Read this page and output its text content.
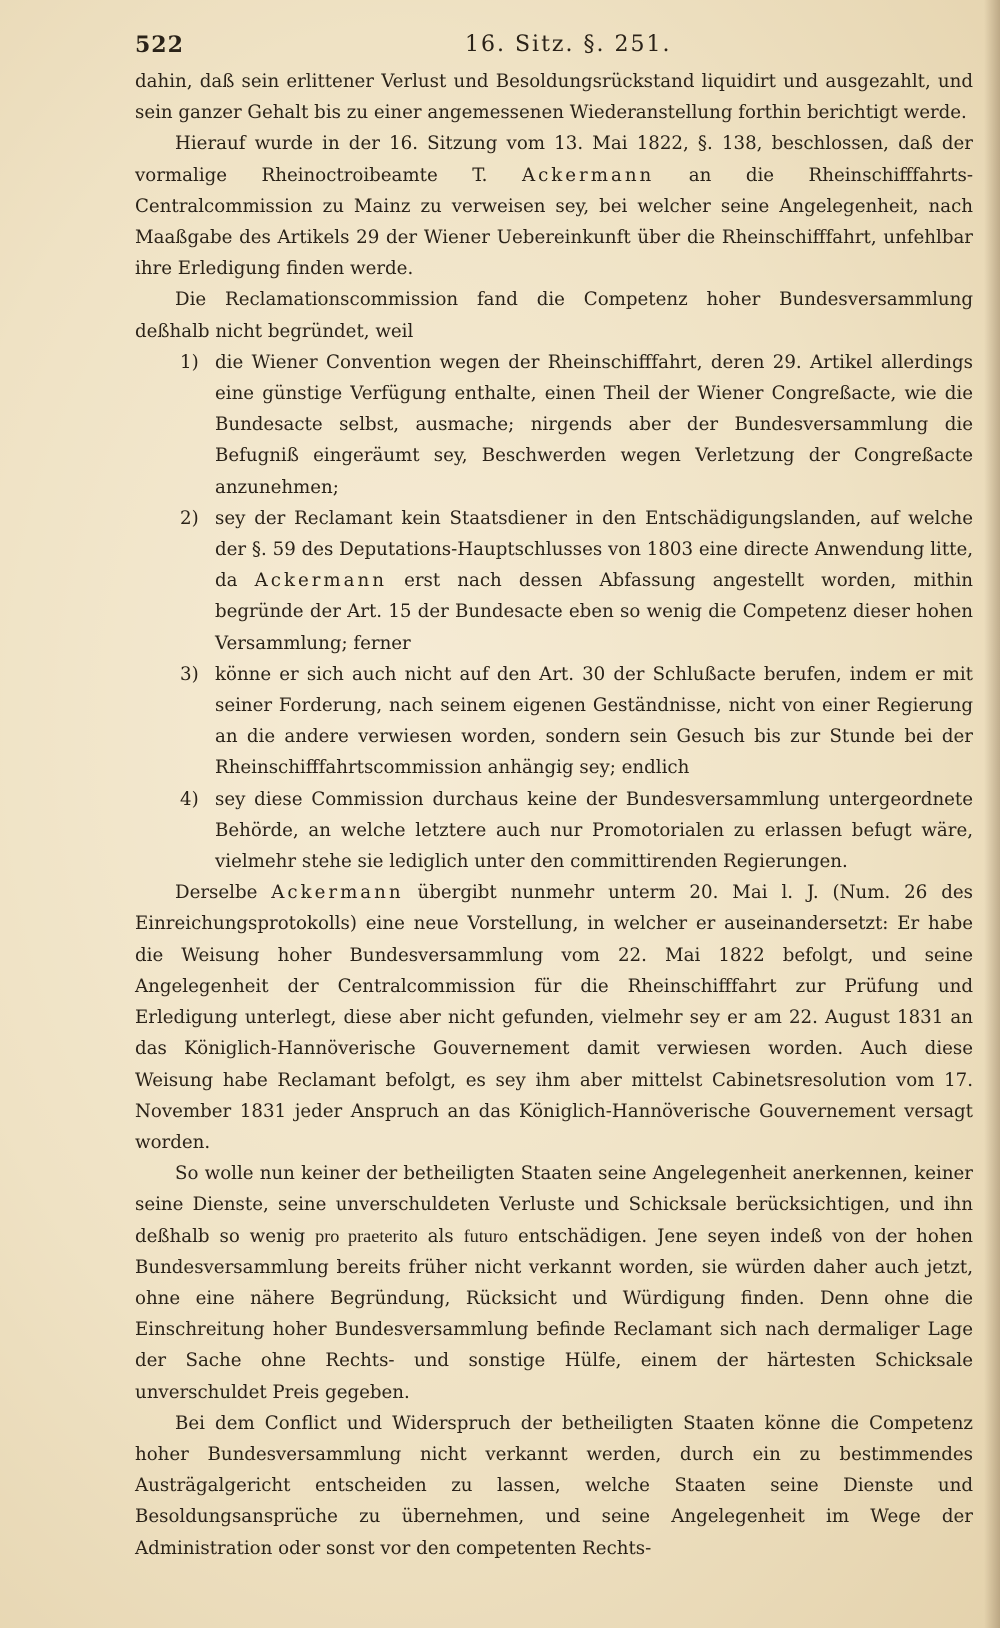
522	16. Sitz. §. 251.

dahin, daß sein erlittener Verlust und Besoldungsrückstand liquidirt und ausgezahlt, und sein ganzer Gehalt bis zu einer angemessenen Wiederanstellung forthin berichtigt werde.

Hierauf wurde in der 16. Sitzung vom 13. Mai 1822, §. 138, beschlossen, daß der vormalige Rheinoctroibeamte T. Ackermann an die Rheinschifffahrts-Centralcommission zu Mainz zu verweisen sey, bei welcher seine Angelegenheit, nach Maaßgabe des Artikels 29 der Wiener Uebereinkunft über die Rheinschifffahrt, unfehlbar ihre Erledigung finden werde.

Die Reclamationscommission fand die Competenz hoher Bundesversammlung deßhalb nicht begründet, weil

1) die Wiener Convention wegen der Rheinschifffahrt, deren 29. Artikel allerdings eine günstige Verfügung enthalte, einen Theil der Wiener Congreßacte, wie die Bundesacte selbst, ausmache; nirgends aber der Bundesversammlung die Befugniß eingeräumt sey, Beschwerden wegen Verletzung der Congreßacte anzunehmen;

2) sey der Reclamant kein Staatsdiener in den Entschädigungslanden, auf welche der §. 59 des Deputations-Hauptschlusses von 1803 eine directe Anwendung litte, da Ackermann erst nach dessen Abfassung angestellt worden, mithin begründe der Art. 15 der Bundesacte eben so wenig die Competenz dieser hohen Versammlung; ferner

3) könne er sich auch nicht auf den Art. 30 der Schlußacte berufen, indem er mit seiner Forderung, nach seinem eigenen Geständnisse, nicht von einer Regierung an die andere verwiesen worden, sondern sein Gesuch bis zur Stunde bei der Rheinschifffahrtscommission anhängig sey; endlich

4) sey diese Commission durchaus keine der Bundesversammlung untergeordnete Behörde, an welche letztere auch nur Promotorialen zu erlassen befugt wäre, vielmehr stehe sie lediglich unter den committirenden Regierungen.

Derselbe Ackermann übergibt nunmehr unterm 20. Mai l. J. (Num. 26 des Einreichungsprotokolls) eine neue Vorstellung, in welcher er auseinandersetzt: Er habe die Weisung hoher Bundesversammlung vom 22. Mai 1822 befolgt, und seine Angelegenheit der Centralcommission für die Rheinschifffahrt zur Prüfung und Erledigung unterlegt, diese aber nicht gefunden, vielmehr sey er am 22. August 1831 an das Königlich-Hannöverische Gouvernement damit verwiesen worden. Auch diese Weisung habe Reclamant befolgt, es sey ihm aber mittelst Cabinetsresolution vom 17. November 1831 jeder Anspruch an das Königlich-Hannöverische Gouvernement versagt worden.

So wolle nun keiner der betheiligten Staaten seine Angelegenheit anerkennen, keiner seine Dienste, seine unverschuldeten Verluste und Schicksale berücksichtigen, und ihn deßhalb so wenig pro praeterito als futuro entschädigen. Jene seyen indeß von der hohen Bundesversammlung bereits früher nicht verkannt worden, sie würden daher auch jetzt, ohne eine nähere Begründung, Rücksicht und Würdigung finden. Denn ohne die Einschreitung hoher Bundesversammlung befinde Reclamant sich nach dermaliger Lage der Sache ohne Rechts- und sonstige Hülfe, einem der härtesten Schicksale unverschuldet Preis gegeben.

Bei dem Conflict und Widerspruch der betheiligten Staaten könne die Competenz hoher Bundesversammlung nicht verkannt werden, durch ein zu bestimmendes Austrägalgericht entscheiden zu lassen, welche Staaten seine Dienste und Besoldungsansprüche zu übernehmen, und seine Angelegenheit im Wege der Administration oder sonst vor den competenten Rechts-
